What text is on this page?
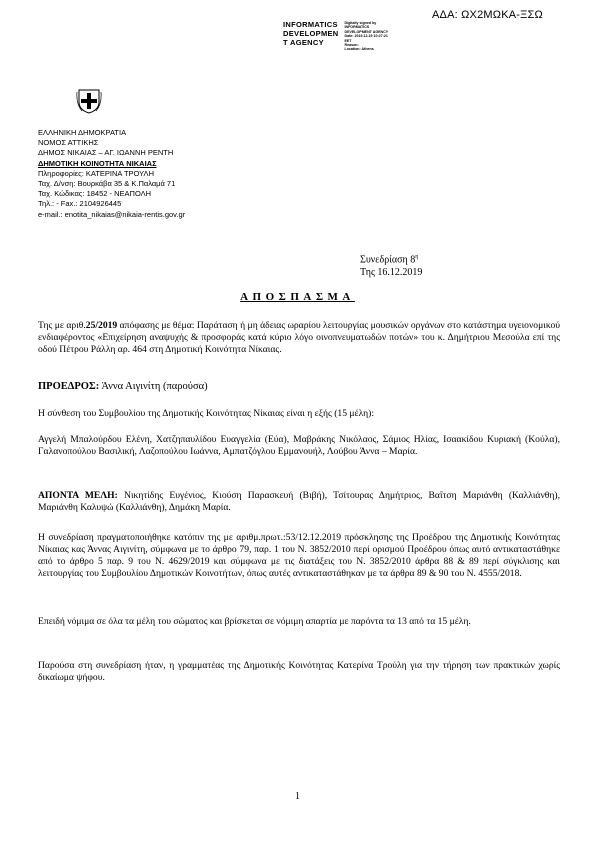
ΑΔΑ: ΩΧ2ΜΩΚΑ-ΞΣΩ
INFORMATICS
DEVELOPMEN
T AGENCY
Digitally signed by
INFORMATICS
DEVELOPMENT AGENCY
Date: 2019.12.19 10:27:21
EET
Reason:
Location: Athens
ΕΛΛΗΝΙΚΗ ΔΗΜΟΚΡΑΤΙΑ
ΝΟΜΟΣ ΑΤΤΙΚΗΣ
ΔΗΜΟΣ ΝΙΚΑΙΑΣ – ΑΓ. ΙΩΑΝΝΗ ΡΕΝΤΗ
ΔΗΜΟΤΙΚΗ ΚΟΙΝΟΤΗΤΑ ΝΙΚΑΙΑΣ
Πληροφορίες: ΚΑΤΕΡΙΝΑ ΤΡΟΥΛΗ
Ταχ. Δ/νση: Βουρκάβα 35 & Κ.Παλαμά 71
Ταχ. Κώδικας: 18452 - ΝΕΑΠΟΛΗ
Τηλ.: - Fax.: 2104926445
e-mail.: enotita_nikaias@nikaia-rentis.gov.gr
Συνεδρίαση $8^\eta$
Της 16.12.2019
ΑΠΟΣΠΑΣΜΑ
Της με αριθ.25/2019 απόφασης με θέμα: Παράταση ή μη άδειας ωραρίου λειτουργίας μουσικών οργάνων στο κατάστημα υγειονομικού ενδιαφέροντος «Επιχείρηση αναψυχής & προσφοράς κατά κύριο λόγο οινοπνευματωδών ποτών» του κ. Δημήτριου Μεσούλα επί της οδού Πέτρου Ράλλη αρ. 464 στη Δημοτική Κοινότητα Νίκαιας.
ΠΡΟΕΔΡΟΣ: Άννα Αιγινίτη (παρούσα)
Η σύνθεση του Συμβουλίου της Δημοτικής Κοινότητας Νίκαιας είναι η εξής (15 μέλη):
Αγγελή Μπαλούρδου Ελένη, Χατζηπαυλίδου Ευαγγελία (Εύα), Μαβράκης Νικόλαος, Σάμιος Ηλίας, Ισαακίδου Κυριακή (Κούλα), Γαλανοπούλου Βασιλική, Λαζοπούλου Ιωάννα, Αμπατζόγλου Εμμανουήλ, Λούβου Άννα – Μαρία.
ΑΠΟΝΤΑ ΜΕΛΗ: Νικητίδης Ευγένιος, Κιούση Παρασκευή (Βιβή), Τσίτουρας Δημήτριος, Βαΐτση Μαριάνθη (Καλλιάνθη), Μαριάνθη Καλυψώ (Καλλιάνθη), Δημάκη Μαρία.
Η συνεδρίαση πραγματοποιήθηκε κατόπιν της με αριθμ.πρωτ.:53/12.12.2019 πρόσκλησης της Προέδρου της Δημοτικής Κοινότητας Νίκαιας κας Άννας Αιγινίτη, σύμφωνα με το άρθρο 79, παρ. 1 του Ν. 3852/2010 περί ορισμού Προέδρου όπως αυτό αντικαταστάθηκε από το άρθρο 5 παρ. 9 του Ν. 4629/2019 και σύμφωνα με τις διατάξεις του Ν. 3852/2010 άρθρα 88 & 89 περί σύγκλισης και λειτουργίας του Συμβουλίου Δημοτικών Κοινοτήτων, όπως αυτές αντικαταστάθηκαν με τα άρθρα 89 & 90 του Ν. 4555/2018.
Επειδή νόμιμα σε όλα τα μέλη του σώματος και βρίσκεται σε νόμιμη απαρτία με παρόντα τα 13 από τα 15 μέλη.
Παρούσα στη συνεδρίαση ήταν, η γραμματέας της Δημοτικής Κοινότητας Κατερίνα Τρούλη για την τήρηση των πρακτικών χωρίς δικαίωμα ψήφου.
1
